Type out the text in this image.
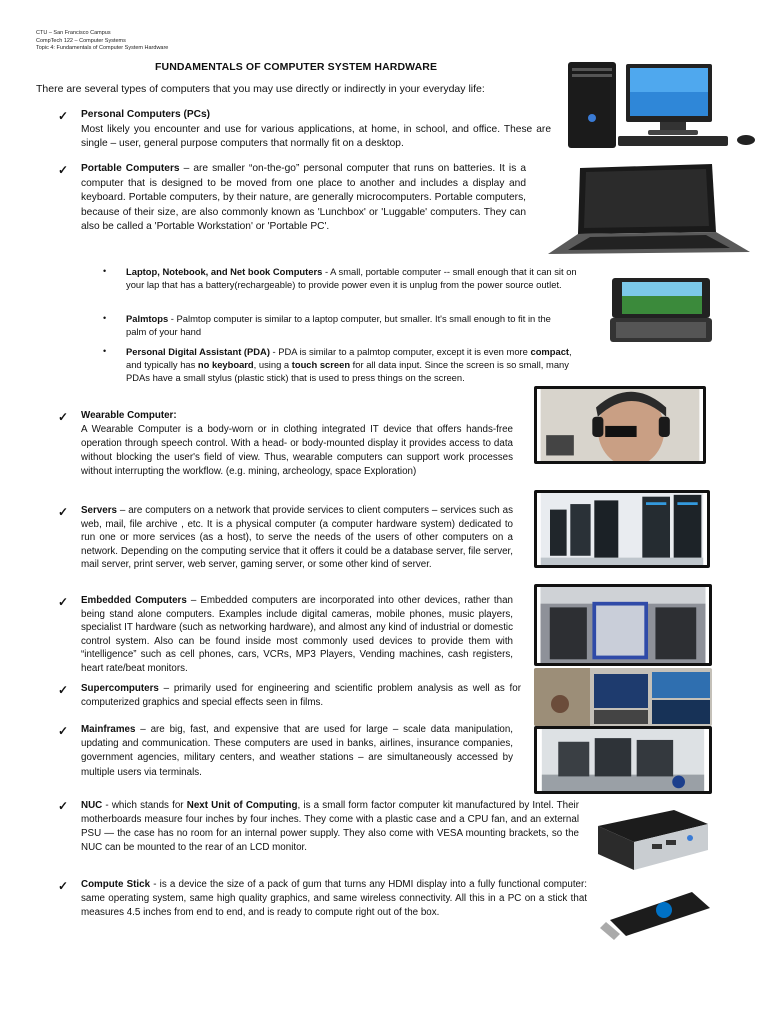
CTU – San Francisco Campus
CompTech 122 – Computer Systems
Topic 4: Fundamentals of Computer System Hardware
FUNDAMENTALS OF COMPUTER SYSTEM HARDWARE
There are several types of computers that you may use directly or indirectly in your everyday life:
✓ Personal Computers (PCs)
Most likely you encounter and use for various applications, at home, in school, and office. These are single – user, general purpose computers that normally fit on a desktop.
✓ Portable Computers – are smaller “on-the-go” personal computer that runs on batteries. It is a computer that is designed to be moved from one place to another and includes a display and keyboard. Portable computers, by their nature, are generally microcomputers. Portable computers, because of their size, are also commonly known as 'Lunchbox' or 'Luggable' computers. They can also be called a 'Portable Workstation' or 'Portable PC'.
• Laptop, Notebook, and Net book Computers - A small, portable computer -- small enough that it can sit on your lap that has a battery(rechargeable) to provide power even it is unplug from the power source outlet.
• Palmtops - Palmtop computer is similar to a laptop computer, but smaller. It's small enough to fit in the palm of your hand
• Personal Digital Assistant (PDA) - PDA is similar to a palmtop computer, except it is even more compact, and typically has no keyboard, using a touch screen for all data input. Since the screen is so small, many PDAs have a small stylus (plastic stick) that is used to press things on the screen.
✓ Wearable Computer:
A Wearable Computer is a body-worn or in clothing integrated IT device that offers hands-free operation through speech control. With a head- or body-mounted display it provides access to data without blocking the user's field of view. Thus, wearable computers can support work processes without interrupting the workflow. (e.g. mining, archeology, space Exploration)
✓ Servers – are computers on a network that provide services to client computers – services such as web, mail, file archive , etc. It is a physical computer (a computer hardware system) dedicated to run one or more services (as a host), to serve the needs of the users of other computers on a network. Depending on the computing service that it offers it could be a database server, file server, mail server, print server, web server, gaming server, or some other kind of server.
✓ Embedded Computers – Embedded computers are incorporated into other devices, rather than being stand alone computers. Examples include digital cameras, mobile phones, music players, specialist IT hardware (such as networking hardware), and almost any kind of industrial or domestic control system. Also can be found inside most commonly used devices to provide them with “intelligence” such as cell phones, cars, VCRs, MP3 Players, Vending machines, cash registers, heart rate/beat monitors.
✓ Supercomputers – primarily used for engineering and scientific problem analysis as well as for computerized graphics and special effects seen in films.
✓ Mainframes – are big, fast, and expensive that are used for large – scale data manipulation, updating and communication. These computers are used in banks, airlines, insurance companies, government agencies, military centers, and weather stations – are simultaneously accessed by multiple users via terminals.
✓ NUC - which stands for Next Unit of Computing, is a small form factor computer kit manufactured by Intel. Their motherboards measure four inches by four inches. They come with a plastic case and a CPU fan, and an external PSU — the case has no room for an internal power supply. They also come with VESA mounting brackets, so the NUC can be mounted to the rear of an LCD monitor.
✓ Compute Stick - is a device the size of a pack of gum that turns any HDMI display into a fully functional computer: same operating system, same high quality graphics, and same wireless connectivity. All this in a PC on a stick that measures 4.5 inches from end to end, and is ready to compute right out of the box.
